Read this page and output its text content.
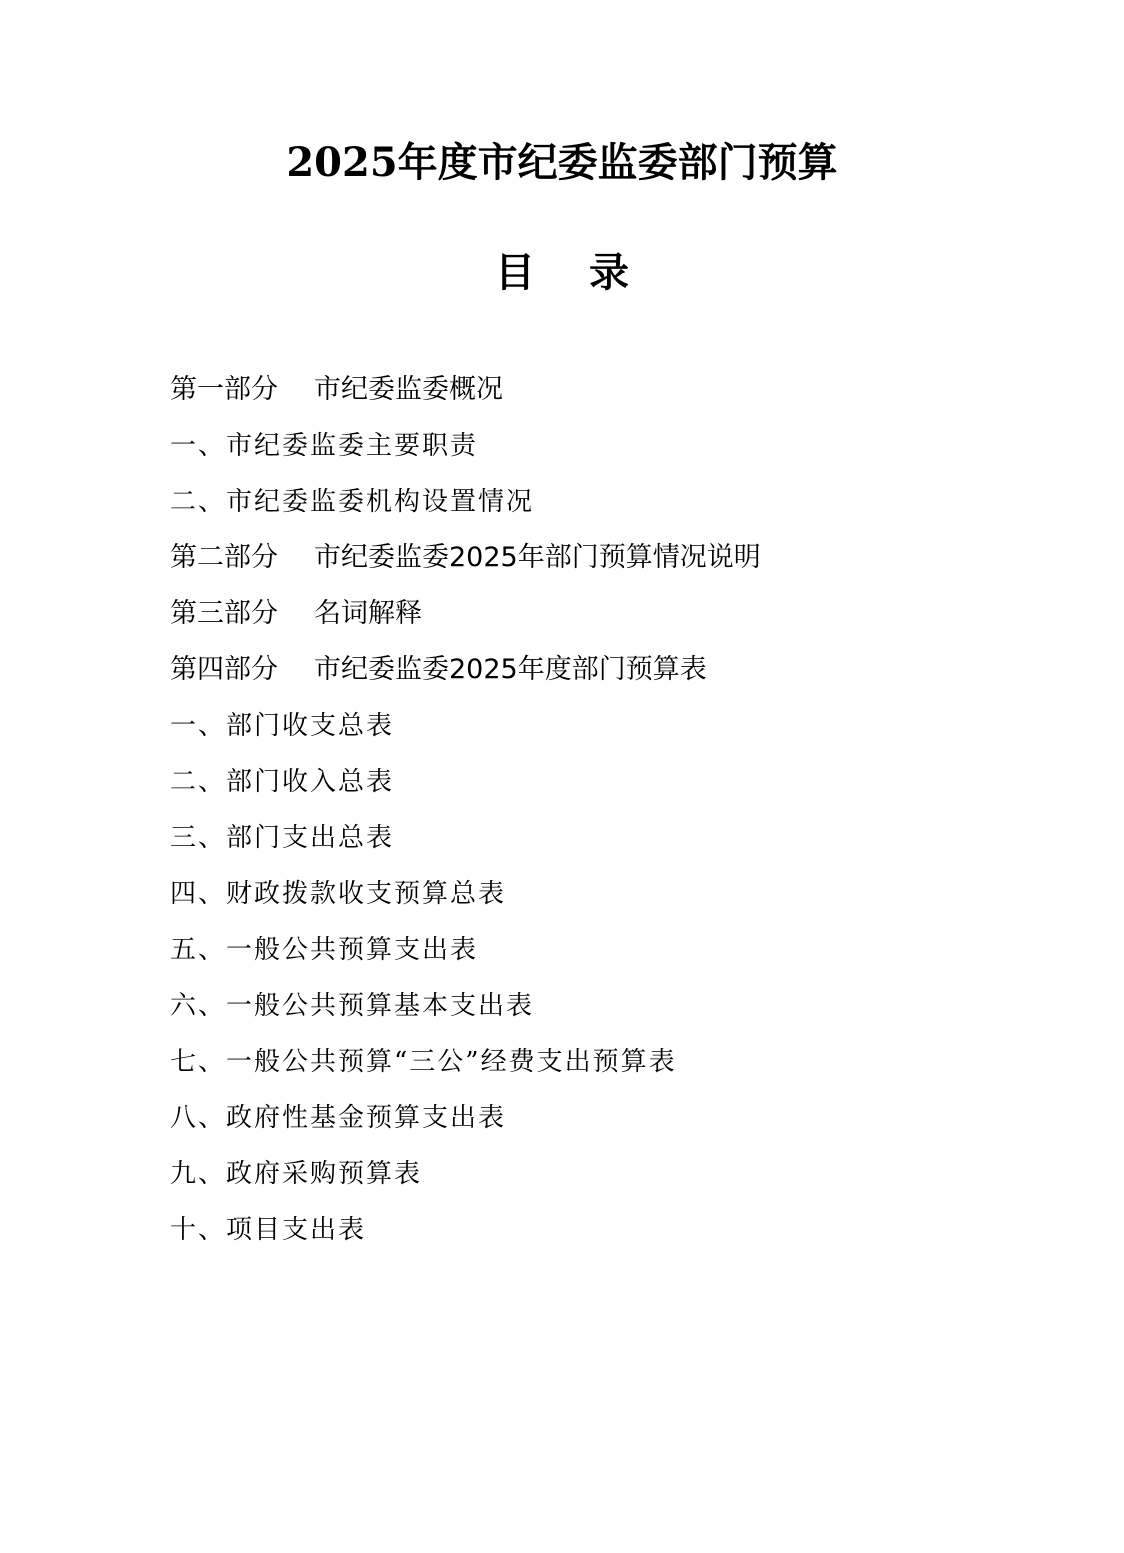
2025年度市纪委监委部门预算
目 录
第一部分 市纪委监委概况
一、市纪委监委主要职责
二、市纪委监委机构设置情况
第二部分 市纪委监委2025年部门预算情况说明
第三部分 名词解释
第四部分 市纪委监委2025年度部门预算表
一、部门收支总表
二、部门收入总表
三、部门支出总表
四、财政拨款收支预算总表
五、一般公共预算支出表
六、一般公共预算基本支出表
七、一般公共预算“三公”经费支出预算表
八、政府性基金预算支出表
九、政府采购预算表
十、项目支出表
